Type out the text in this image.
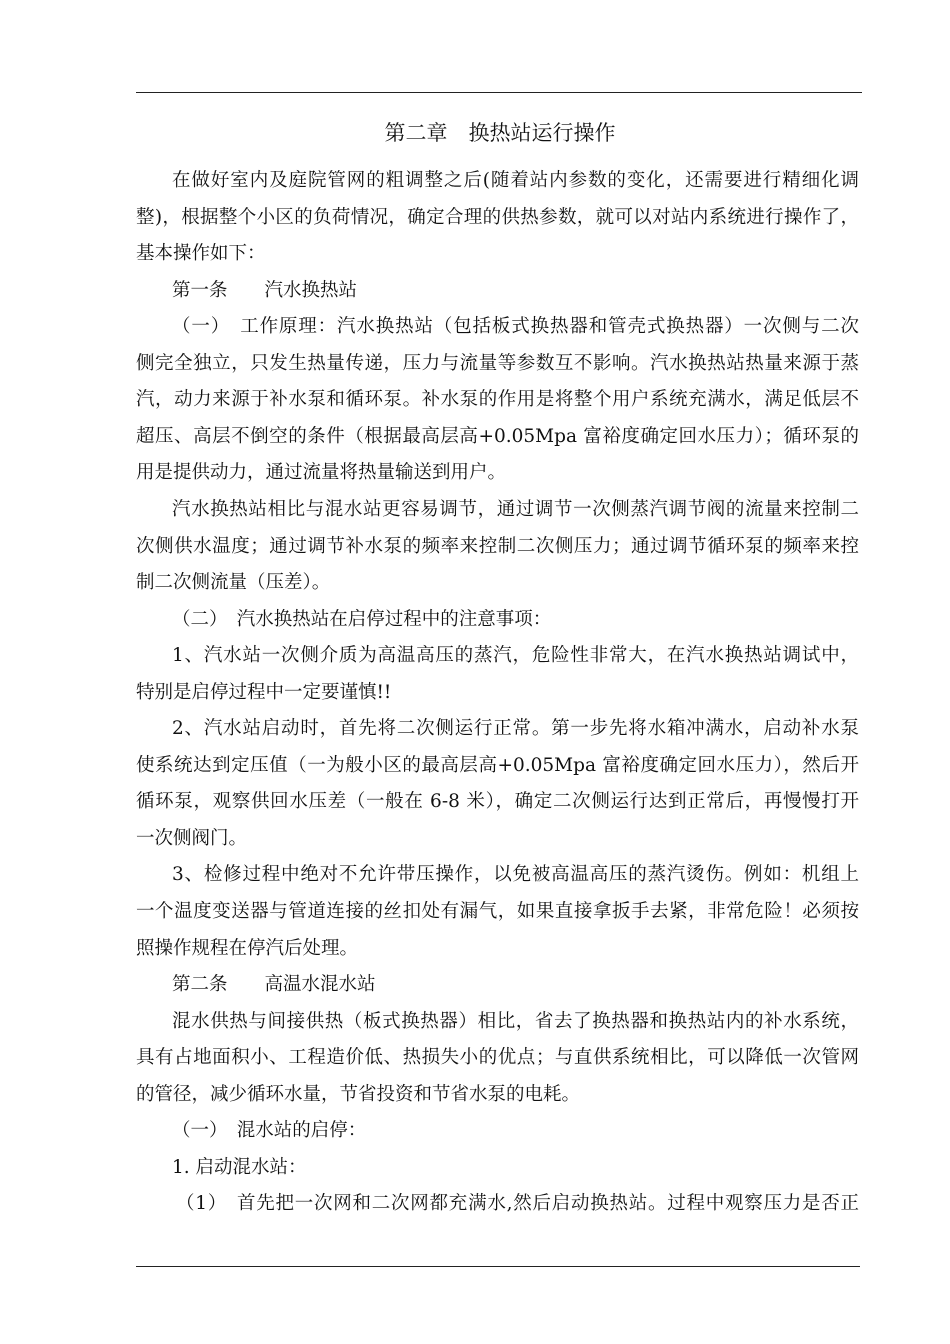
第二章　换热站运行操作
在做好室内及庭院管网的粗调整之后(随着站内参数的变化，还需要进行精细化调
整)，根据整个小区的负荷情况，确定合理的供热参数，就可以对站内系统进行操作了，
基本操作如下：
第一条　　汽水换热站
（一）　工作原理：汽水换热站（包括板式换热器和管壳式换热器）一次侧与二次
侧完全独立，只发生热量传递，压力与流量等参数互不影响。汽水换热站热量来源于蒸
汽，动力来源于补水泵和循环泵。补水泵的作用是将整个用户系统充满水，满足低层不
超压、高层不倒空的条件（根据最高层高+0.05Mpa 富裕度确定回水压力）；循环泵的
用是提供动力，通过流量将热量输送到用户。
汽水换热站相比与混水站更容易调节，通过调节一次侧蒸汽调节阀的流量来控制二
次侧供水温度；通过调节补水泵的频率来控制二次侧压力；通过调节循环泵的频率来控
制二次侧流量（压差）。
（二）　汽水换热站在启停过程中的注意事项：
1、汽水站一次侧介质为高温高压的蒸汽，危险性非常大，在汽水换热站调试中，
特别是启停过程中一定要谨慎!!
2、汽水站启动时，首先将二次侧运行正常。第一步先将水箱冲满水，启动补水泵
使系统达到定压值（一为般小区的最高层高+0.05Mpa 富裕度确定回水压力），然后开
循环泵，观察供回水压差（一般在 6-8 米），确定二次侧运行达到正常后，再慢慢打开
一次侧阀门。
3、检修过程中绝对不允许带压操作，以免被高温高压的蒸汽烫伤。例如：机组上
一个温度变送器与管道连接的丝扣处有漏气，如果直接拿扳手去紧，非常危险！必须按
照操作规程在停汽后处理。
第二条　　高温水混水站
混水供热与间接供热（板式换热器）相比，省去了换热器和换热站内的补水系统，
具有占地面积小、工程造价低、热损失小的优点；与直供系统相比，可以降低一次管网
的管径，减少循环水量，节省投资和节省水泵的电耗。
（一）　混水站的启停：
1. 启动混水站：
（1）　首先把一次网和二次网都充满水,然后启动换热站。过程中观察压力是否正
